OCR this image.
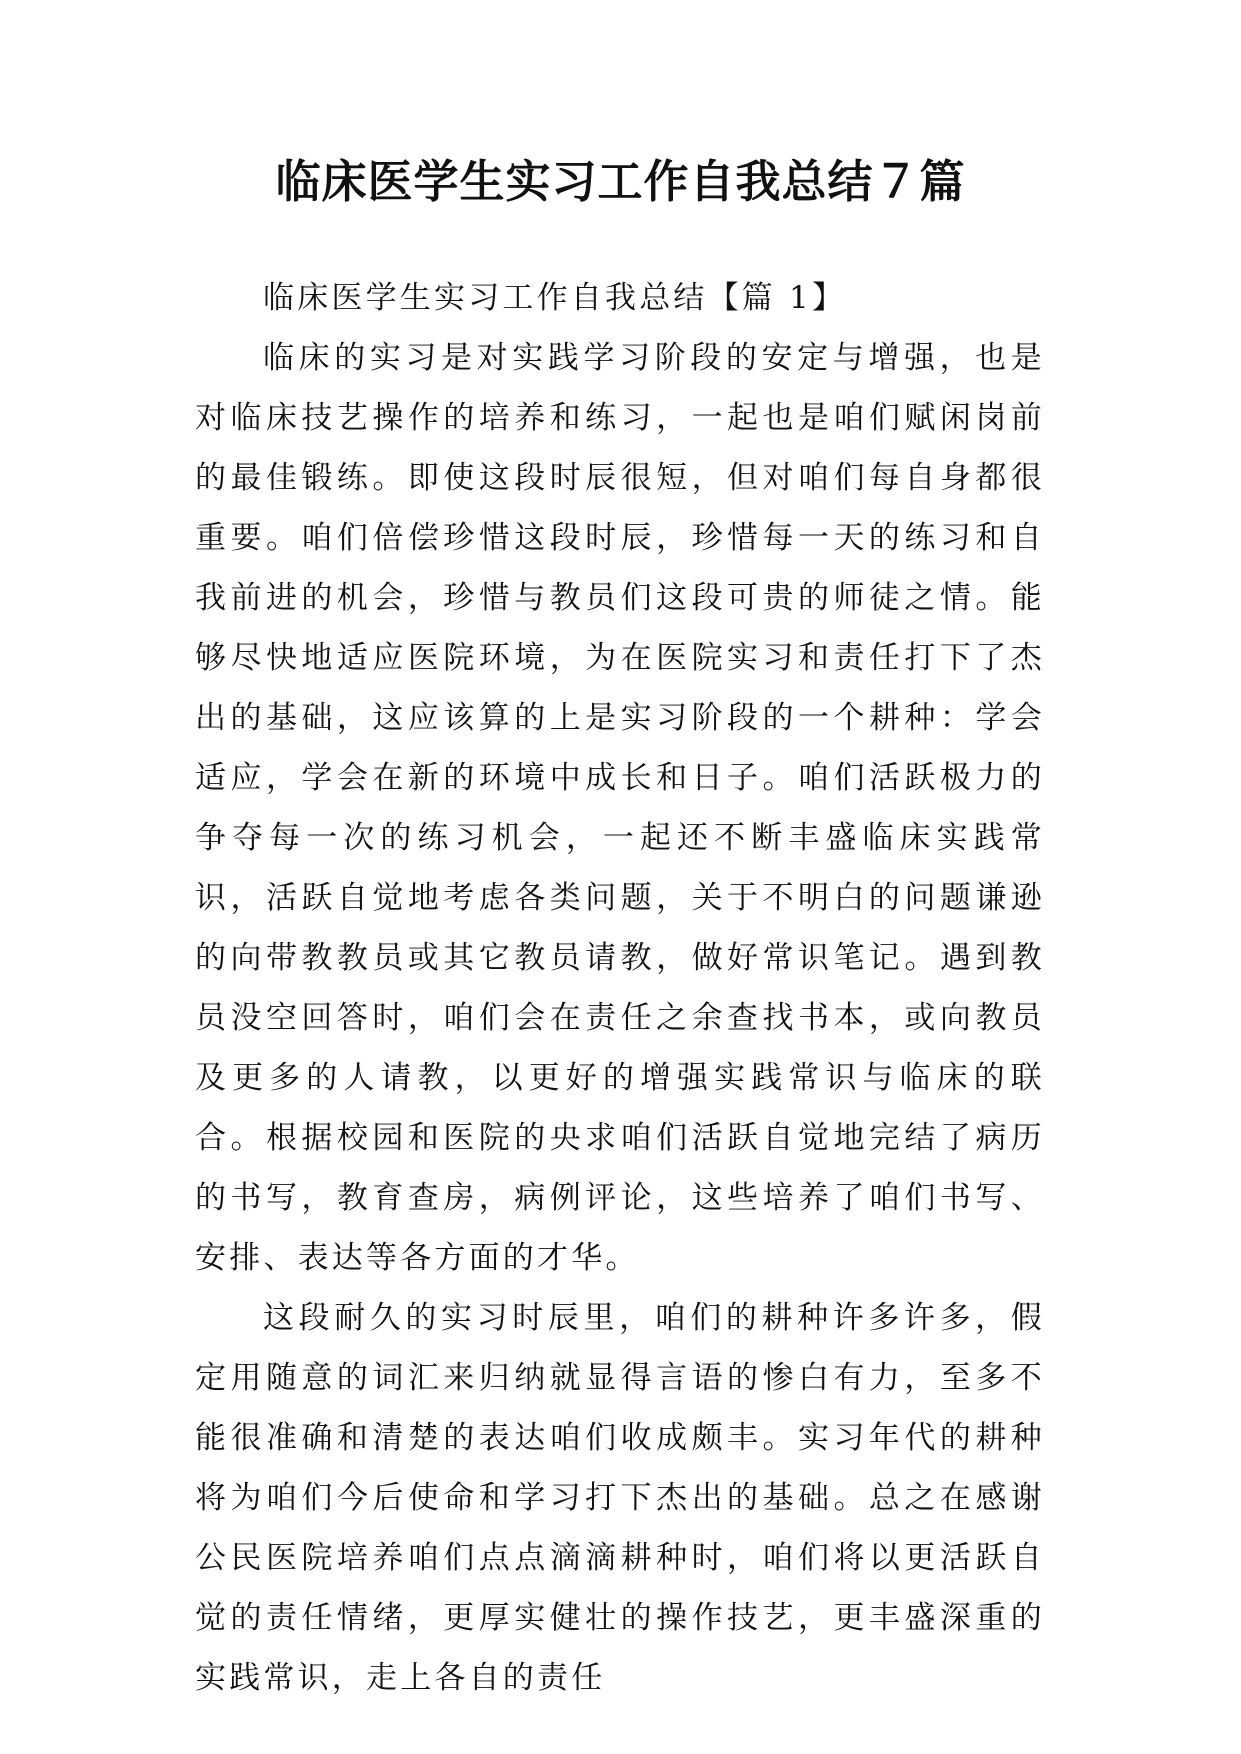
临床医学生实习工作自我总结７篇

临床医学生实习工作自我总结【篇 1】

临床的实习是对实践学习阶段的安定与增强，也是对临床技艺操作的培养和练习，一起也是咱们赋闲岗前的最佳锻练。即使这段时辰很短，但对咱们每自身都很重要。咱们倍偿珍惜这段时辰，珍惜每一天的练习和自我前进的机会，珍惜与教员们这段可贵的师徒之情。能够尽快地适应医院环境，为在医院实习和责任打下了杰出的基础，这应该算的上是实习阶段的一个耕种：学会适应，学会在新的环境中成长和日子。咱们活跃极力的争夺每一次的练习机会，一起还不断丰盛临床实践常识，活跃自觉地考虑各类问题，关于不明白的问题谦逊的向带教教员或其它教员请教，做好常识笔记。遇到教员没空回答时，咱们会在责任之余查找书本，或向教员及更多的人请教，以更好的增强实践常识与临床的联合。根据校园和医院的央求咱们活跃自觉地完结了病历的书写，教育查房，病例评论，这些培养了咱们书写、安排、表达等各方面的才华。

这段耐久的实习时辰里，咱们的耕种许多许多，假定用随意的词汇来归纳就显得言语的惨白有力，至多不能很准确和清楚的表达咱们收成颇丰。实习年代的耕种将为咱们今后使命和学习打下杰出的基础。总之在感谢公民医院培养咱们点点滴滴耕种时，咱们将以更活跃自觉的责任情绪，更厚实健壮的操作技艺，更丰盛深重的实践常识，走上各自的责任
